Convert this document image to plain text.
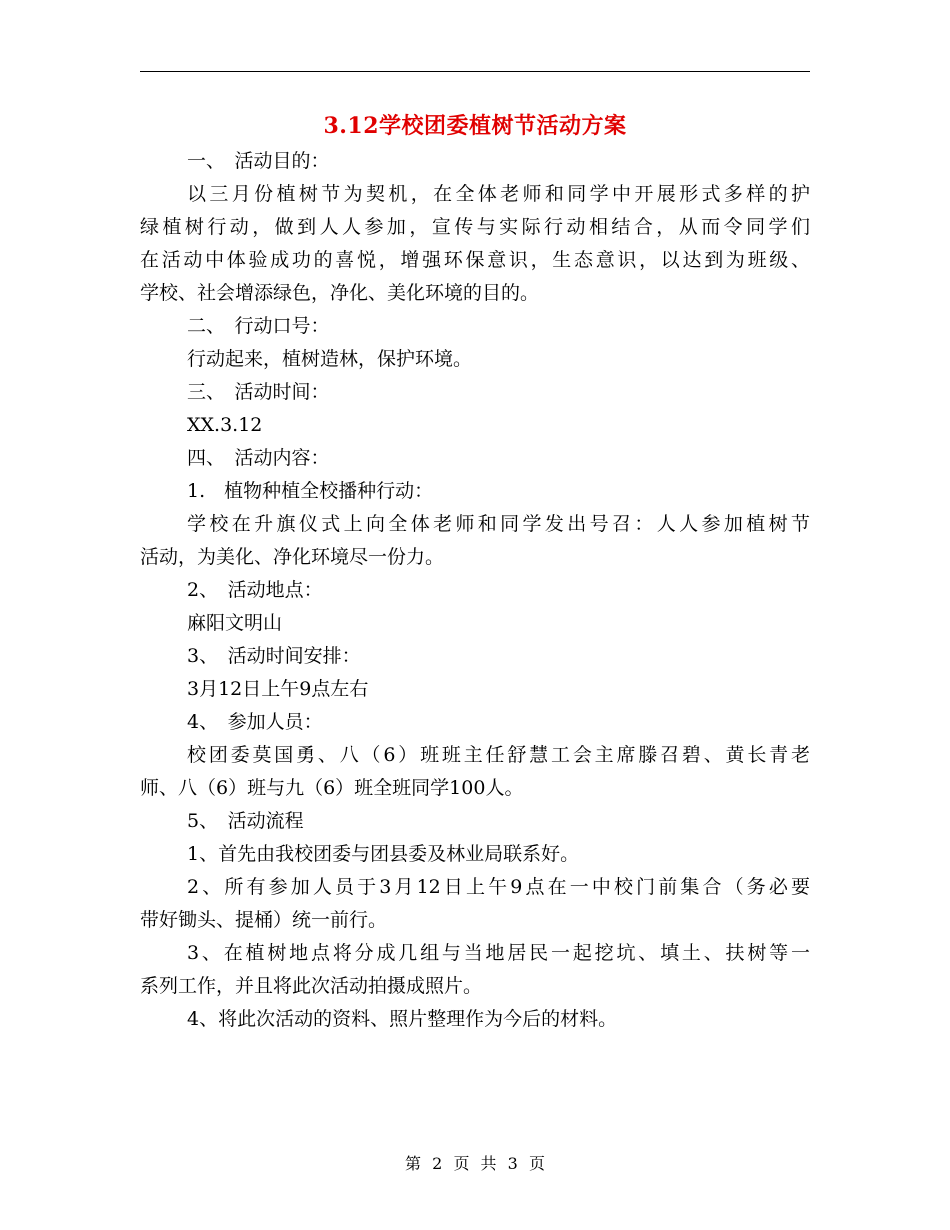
3.12学校团委植树节活动方案

一、　活动目的：

以三月份植树节为契机，在全体老师和同学中开展形式多样的护

绿植树行动，做到人人参加，宣传与实际行动相结合，从而令同学们

在活动中体验成功的喜悦，增强环保意识，生态意识，以达到为班级、

学校、社会增添绿色，净化、美化环境的目的。

二、　行动口号：

行动起来，植树造林，保护环境。

三、　活动时间：

XX.3.12

四、　活动内容：

1.　植物种植全校播种行动：

学校在升旗仪式上向全体老师和同学发出号召：人人参加植树节

活动，为美化、净化环境尽一份力。

2、　活动地点：

麻阳文明山

3、　活动时间安排：

3月12日上午9点左右

4、　参加人员：

校团委莫国勇、八（6）班班主任舒慧工会主席滕召碧、黄长青老

师、八（6）班与九（6）班全班同学100人。

5、　活动流程

1、首先由我校团委与团县委及林业局联系好。

2、所有参加人员于3月12日上午9点在一中校门前集合（务必要

带好锄头、提桶）统一前行。

3、在植树地点将分成几组与当地居民一起挖坑、填土、扶树等一

系列工作，并且将此次活动拍摄成照片。

4、将此次活动的资料、照片整理作为今后的材料。

第 2 页 共 3 页
